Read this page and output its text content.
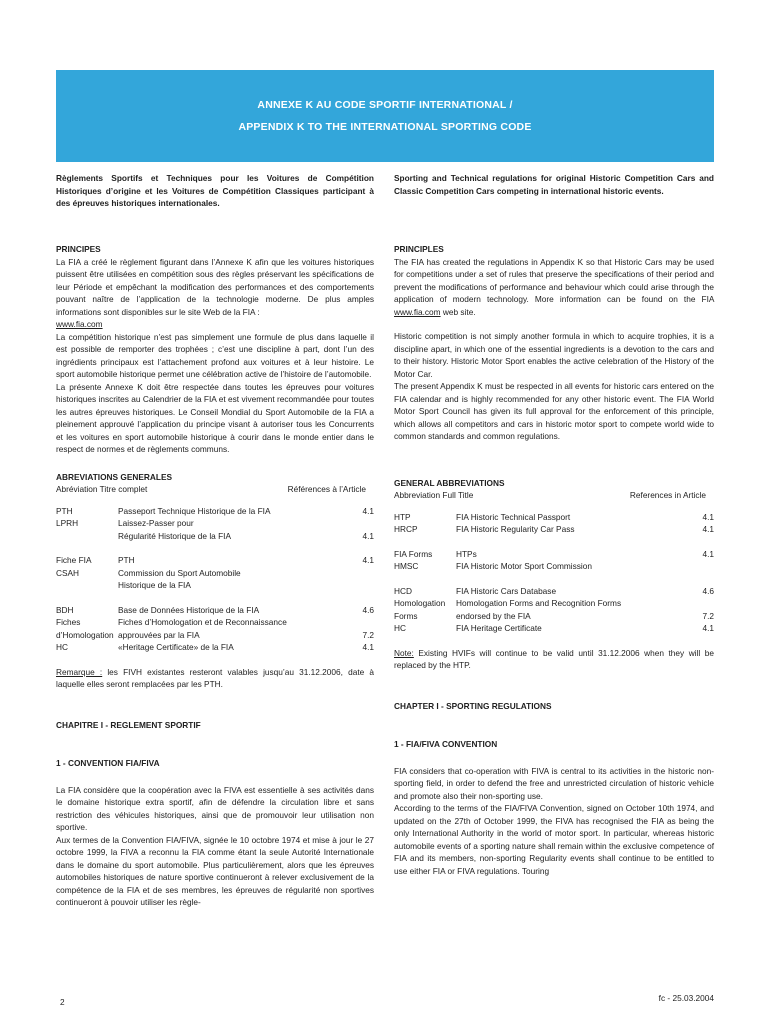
ANNEXE K AU CODE SPORTIF INTERNATIONAL /
APPENDIX K TO THE INTERNATIONAL SPORTING CODE

Règlements Sportifs et Techniques pour les Voitures de Compétition Historiques d’origine et les Voitures de Compétition Classiques participant à des épreuves historiques internationales.

PRINCIPES

La FIA a créé le règlement figurant dans l’Annexe K afin que les voitures historiques puissent être utilisées en compétition sous des règles préservant les spécifications de leur Période et empêchant la modification des performances et des comportements pouvant naître de l’application de la technologie moderne. De plus amples informations sont disponibles sur le site Web de la FIA :
www.fia.com

La compétition historique n’est pas simplement une formule de plus dans laquelle il est possible de remporter des trophées ; c’est une discipline à part, dont l’un des ingrédients principaux est l’attachement profond aux voitures et à leur histoire. Le sport automobile historique permet une célébration active de l’histoire de l’automobile.

La présente Annexe K doit être respectée dans toutes les épreuves pour voitures historiques inscrites au Calendrier de la FIA et est vivement recommandée pour toutes les autres épreuves historiques. Le Conseil Mondial du Sport Automobile de la FIA a pleinement approuvé l’application du principe visant à autoriser tous les Concurrents et les voitures en sport automobile historique à courir dans le monde entier dans le respect de normes et de règlements communs.

ABREVIATIONS GENERALES
Abréviation Titre complet	Références à l’Article
PTH	Passeport Technique Historique de la FIA	4.1
LPRH	Laissez-Passer pour	
	Régularité Historique de la FIA	4.1

Fiche FIA	PTH	4.1
CSAH	Commission du Sport Automobile	
	Historique de la FIA	

BDH	Base de Données Historique de la FIA	4.6
Fiches	Fiches d’Homologation et de Reconnaissance	
d’Homologation	approuvées par la FIA	7.2
HC	«Heritage Certificate» de la FIA	4.1

Remarque : les FIVH existantes resteront valables jusqu’au 31.12.2006, date à laquelle elles seront remplacées par les PTH.

CHAPITRE I - REGLEMENT SPORTIF
1 - CONVENTION FIA/FIVA

La FIA considère que la coopération avec la FIVA est essentielle à ses activités dans le domaine historique extra sportif, afin de défendre la circulation libre et sans restriction des véhicules historiques, ainsi que de promouvoir leur utilisation non sportive.

Aux termes de la Convention FIA/FIVA, signée le 10 octobre 1974 et mise à jour le 27 octobre 1999, la FIVA a reconnu la FIA comme étant la seule Autorité Internationale dans le domaine du sport automobile. Plus particulièrement, alors que les épreuves automobiles historiques de nature sportive continueront à relever exclusivement de la compétence de la FIA et de ses membres, les épreuves de régularité non sportives continueront à pouvoir utiliser les règle-

Sporting and Technical regulations for original Historic Competition Cars and Classic Competition Cars competing in international historic events.

PRINCIPLES

The FIA has created the regulations in Appendix K so that Historic Cars may be used for competitions under a set of rules that preserve the specifications of their period and prevent the modifications of performance and behaviour which could arise through the application of modern technology. More information can be found on the FIA www.fia.com web site.

Historic competition is not simply another formula in which to acquire trophies, it is a discipline apart, in which one of the essential ingredients is a devotion to the cars and to their history. Historic Motor Sport enables the active celebration of the History of the Motor Car.

The present Appendix K must be respected in all events for historic cars entered on the FIA calendar and is highly recommended for any other historic event. The FIA World Motor Sport Council has given its full approval for the enforcement of this principle, which allows all competitors and cars in historic motor sport to compete world wide to common standards and common regulations.

GENERAL ABBREVIATIONS
Abbreviation Full Title	References in Article
HTP	FIA Historic Technical Passport	4.1
HRCP	FIA Historic Regularity Car Pass	4.1

FIA Forms	HTPs	4.1
HMSC	FIA Historic Motor Sport Commission	

HCD	FIA Historic Cars Database	4.6
Homologation	Homologation Forms and Recognition Forms	
Forms	endorsed by the FIA	7.2
HC	FIA Heritage Certificate	4.1

Note: Existing HVIFs will continue to be valid until 31.12.2006 when they will be replaced by the HTP.

CHAPTER I - SPORTING REGULATIONS
1 - FIA/FIVA CONVENTION

FIA considers that co-operation with FIVA is central to its activities in the historic non-sporting field, in order to defend the free and unrestricted circulation of historic vehicle and promote also their non-sporting use.

According to the terms of the FIA/FIVA Convention, signed on October 10th 1974, and updated on the 27th of October 1999, the FIVA has recognised the FIA as being the only International Authority in the world of motor sport. In particular, whereas historic automobile events of a sporting nature shall remain within the exclusive competence of FIA and its members, non-sporting Regularity events shall continue to be entitled to use either FIA or FIVA regulations. Touring

2	fc - 25.03.2004
